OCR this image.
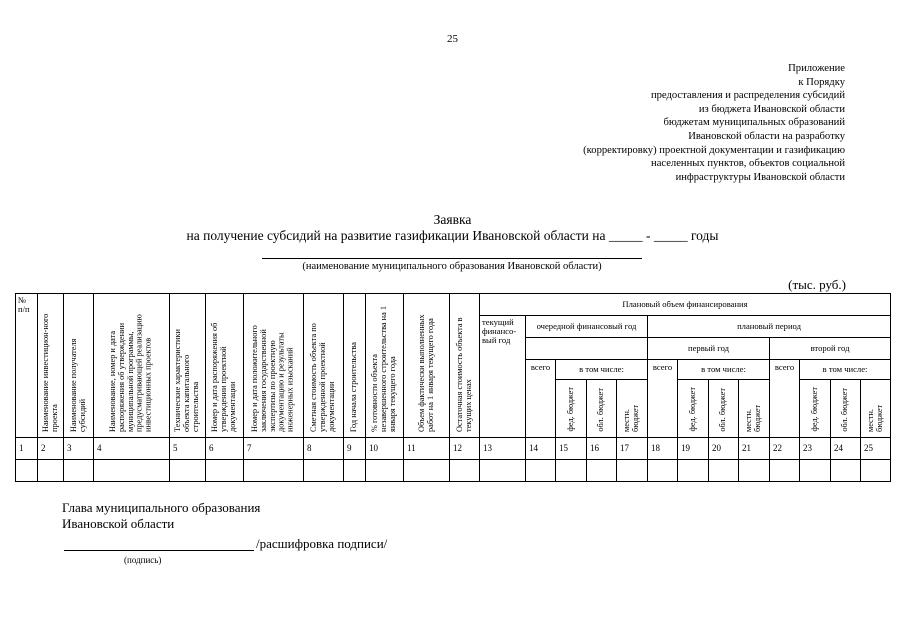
25
Приложение
к Порядку
предоставления и распределения субсидий
из бюджета Ивановской области
бюджетам муниципальных образований
Ивановской области на разработку
(корректировку) проектной документации и газификацию
населенных пунктов, объектов социальной
инфраструктуры Ивановской области
Заявка
на получение субсидий на развитие газификации Ивановской области на _____ - _____ годы
(наименование муниципального образования Ивановской области)
(тыс. руб.)
№ п/п	Наименование инвестицион-ного проекта	Наименование получателя субсидий	Наименование, номер и дата распоряжения об утверждении муниципальной программы, предусматривающей реализацию инвестиционных проектов	Технические характеристики объекта капитального строительства	Номер и дата распоряжения об утверждении проектной документации	Номер и дата положительного заключения государственной экспертизы по проектную документацию и результаты инженерных изысканий	Сметная стоимость объекта по утвержденной проектной документации	Год начала строительства	% готовности объекта незавершенного строительства на 1 января текущего года	Объем фактически выполненных работ на 1 января текущего года	Остаточная стоимость объекта в текущих ценах	Плановый объем финансирования												
												текущий финансо-вый год	очередной финансовый год				плановый период							
																	первый год				второй год			
													всего	в том числе:			всего	в том числе:			всего	в том числе:		
														фед. бюджет	обл. бюджет	местн. бюджет		фед. бюджет	обл. бюджет	местн. бюджет		фед. бюджет	обл. бюджет	местн. бюджет
1	2	3	4	5	6	7	8	9	10	11	12	13	14	15	16	17	18	19	20	21	22	23	24	25

Глава муниципального образования
Ивановской области
/расшифровка подписи/
(подпись)
